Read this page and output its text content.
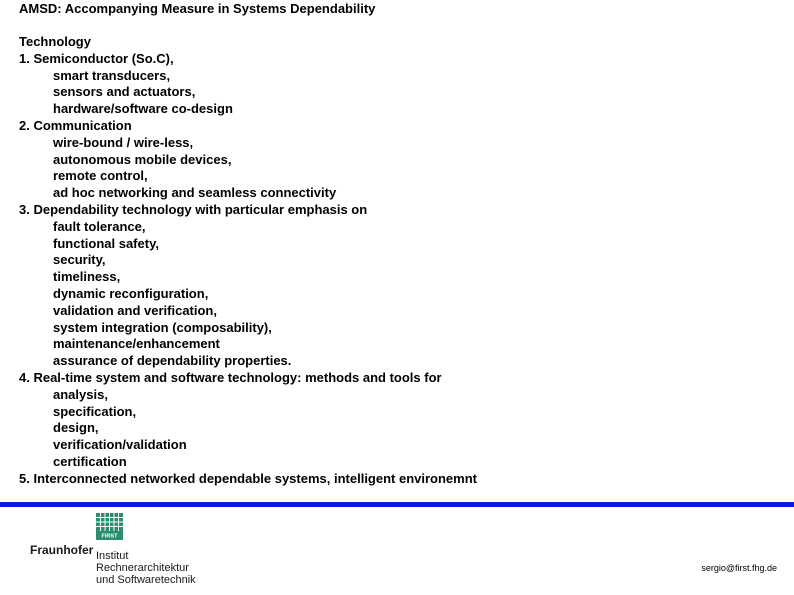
AMSD: Accompanying Measure in Systems Dependability
Technology
1. Semiconductor (So.C),
smart transducers,
sensors and actuators,
hardware/software co-design
2. Communication
wire-bound / wire-less,
autonomous mobile devices,
remote control,
ad hoc networking and seamless connectivity
3. Dependability technology with particular emphasis on
fault tolerance,
functional safety,
security,
timeliness,
dynamic reconfiguration,
validation and verification,
system integration (composability),
maintenance/enhancement
assurance of dependability properties.
4. Real-time system and software technology: methods and tools for
analysis,
specification,
design,
verification/validation
certification
5. Interconnected networked dependable systems, intelligent environemnt
FIRST
Fraunhofer Institut
Rechnerarchitektur
und Softwaretechnik
sergio@first.fhg.de
